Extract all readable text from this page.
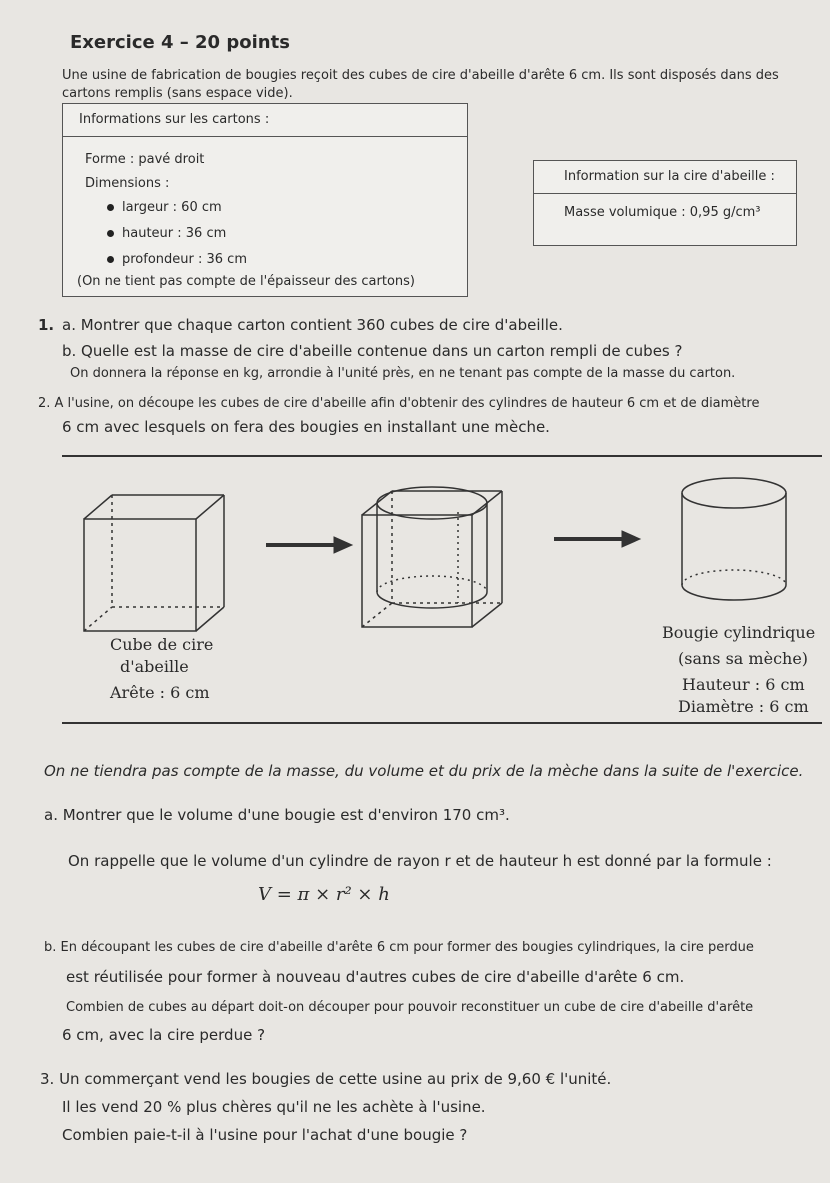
Exercice 4 – 20 points
Une usine de fabrication de bougies reçoit des cubes de cire d'abeille d'arête 6 cm. Ils sont disposés dans des
cartons remplis (sans espace vide).
Informations sur les cartons :
Forme : pavé droit
Dimensions :
largeur : 60 cm
hauteur : 36 cm
profondeur : 36 cm
(On ne tient pas compte de l'épaisseur des cartons)
Information sur la cire d'abeille :
Masse volumique : 0,95 g/cm³
1. a. Montrer que chaque carton contient 360 cubes de cire d'abeille.
b. Quelle est la masse de cire d'abeille contenue dans un carton rempli de cubes ?
On donnera la réponse en kg, arrondie à l'unité près, en ne tenant pas compte de la masse du carton.
2. À l'usine, on découpe les cubes de cire d'abeille afin d'obtenir des cylindres de hauteur 6 cm et de diamètre
6 cm avec lesquels on fera des bougies en installant une mèche.
Cube de cire
d'abeille
Arête : 6 cm
Bougie cylindrique
(sans sa mèche)
Hauteur : 6 cm
Diamètre : 6 cm
On ne tiendra pas compte de la masse, du volume et du prix de la mèche dans la suite de l'exercice.
a. Montrer que le volume d'une bougie est d'environ 170 cm³.
On rappelle que le volume d'un cylindre de rayon r et de hauteur h est donné par la formule :
V = π × r² × h
b. En découpant les cubes de cire d'abeille d'arête 6 cm pour former des bougies cylindriques, la cire perdue
est réutilisée pour former à nouveau d'autres cubes de cire d'abeille d'arête 6 cm.
Combien de cubes au départ doit-on découper pour pouvoir reconstituer un cube de cire d'abeille d'arête
6 cm, avec la cire perdue ?
3. Un commerçant vend les bougies de cette usine au prix de 9,60 € l'unité.
Il les vend 20 % plus chères qu'il ne les achète à l'usine.
Combien paie-t-il à l'usine pour l'achat d'une bougie ?
